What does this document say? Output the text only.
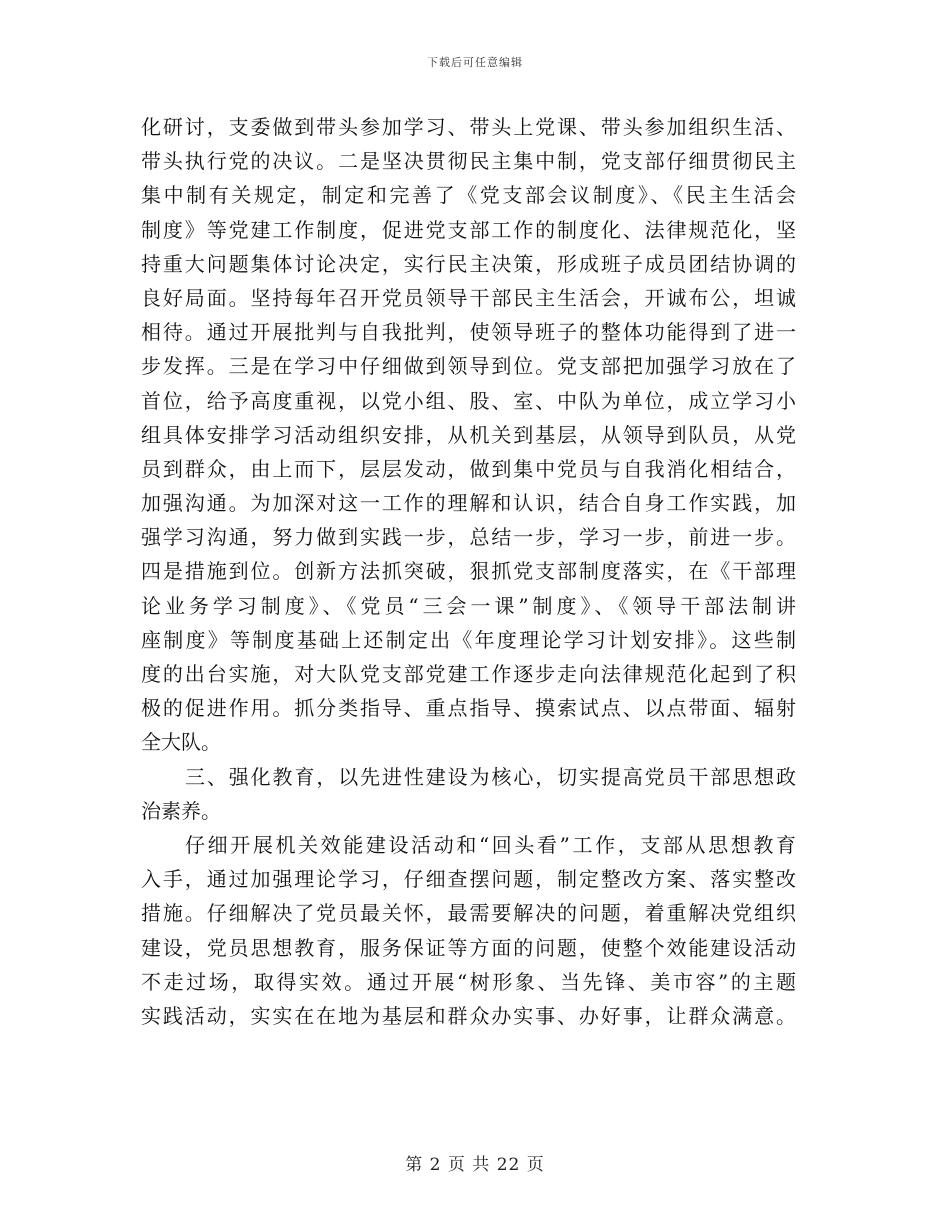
下载后可任意编辑
化研讨，支委做到带头参加学习、带头上党课、带头参加组织生活、
带头执行党的决议。二是坚决贯彻民主集中制，党支部仔细贯彻民主
集中制有关规定，制定和完善了《党支部会议制度》、《民主生活会
制度》等党建工作制度，促进党支部工作的制度化、法律规范化，坚
持重大问题集体讨论决定，实行民主决策，形成班子成员团结协调的
良好局面。坚持每年召开党员领导干部民主生活会，开诚布公，坦诚
相待。通过开展批判与自我批判，使领导班子的整体功能得到了进一
步发挥。三是在学习中仔细做到领导到位。党支部把加强学习放在了
首位，给予高度重视，以党小组、股、室、中队为单位，成立学习小
组具体安排学习活动组织安排，从机关到基层，从领导到队员，从党
员到群众，由上而下，层层发动，做到集中党员与自我消化相结合，
加强沟通。为加深对这一工作的理解和认识，结合自身工作实践，加
强学习沟通，努力做到实践一步，总结一步，学习一步，前进一步。
四是措施到位。创新方法抓突破，狠抓党支部制度落实，在《干部理
论业务学习制度》、《党员“三会一课”制度》、《领导干部法制讲
座制度》等制度基础上还制定出《年度理论学习计划安排》。这些制
度的出台实施，对大队党支部党建工作逐步走向法律规范化起到了积
极的促进作用。抓分类指导、重点指导、摸索试点、以点带面、辐射
全大队。
三、强化教育，以先进性建设为核心，切实提高党员干部思想政
治素养。
仔细开展机关效能建设活动和“回头看”工作，支部从思想教育
入手，通过加强理论学习，仔细查摆问题，制定整改方案、落实整改
措施。仔细解决了党员最关怀，最需要解决的问题，着重解决党组织
建设，党员思想教育，服务保证等方面的问题，使整个效能建设活动
不走过场，取得实效。通过开展“树形象、当先锋、美市容”的主题
实践活动，实实在在地为基层和群众办实事、办好事，让群众满意。
第 2 页 共 22 页
